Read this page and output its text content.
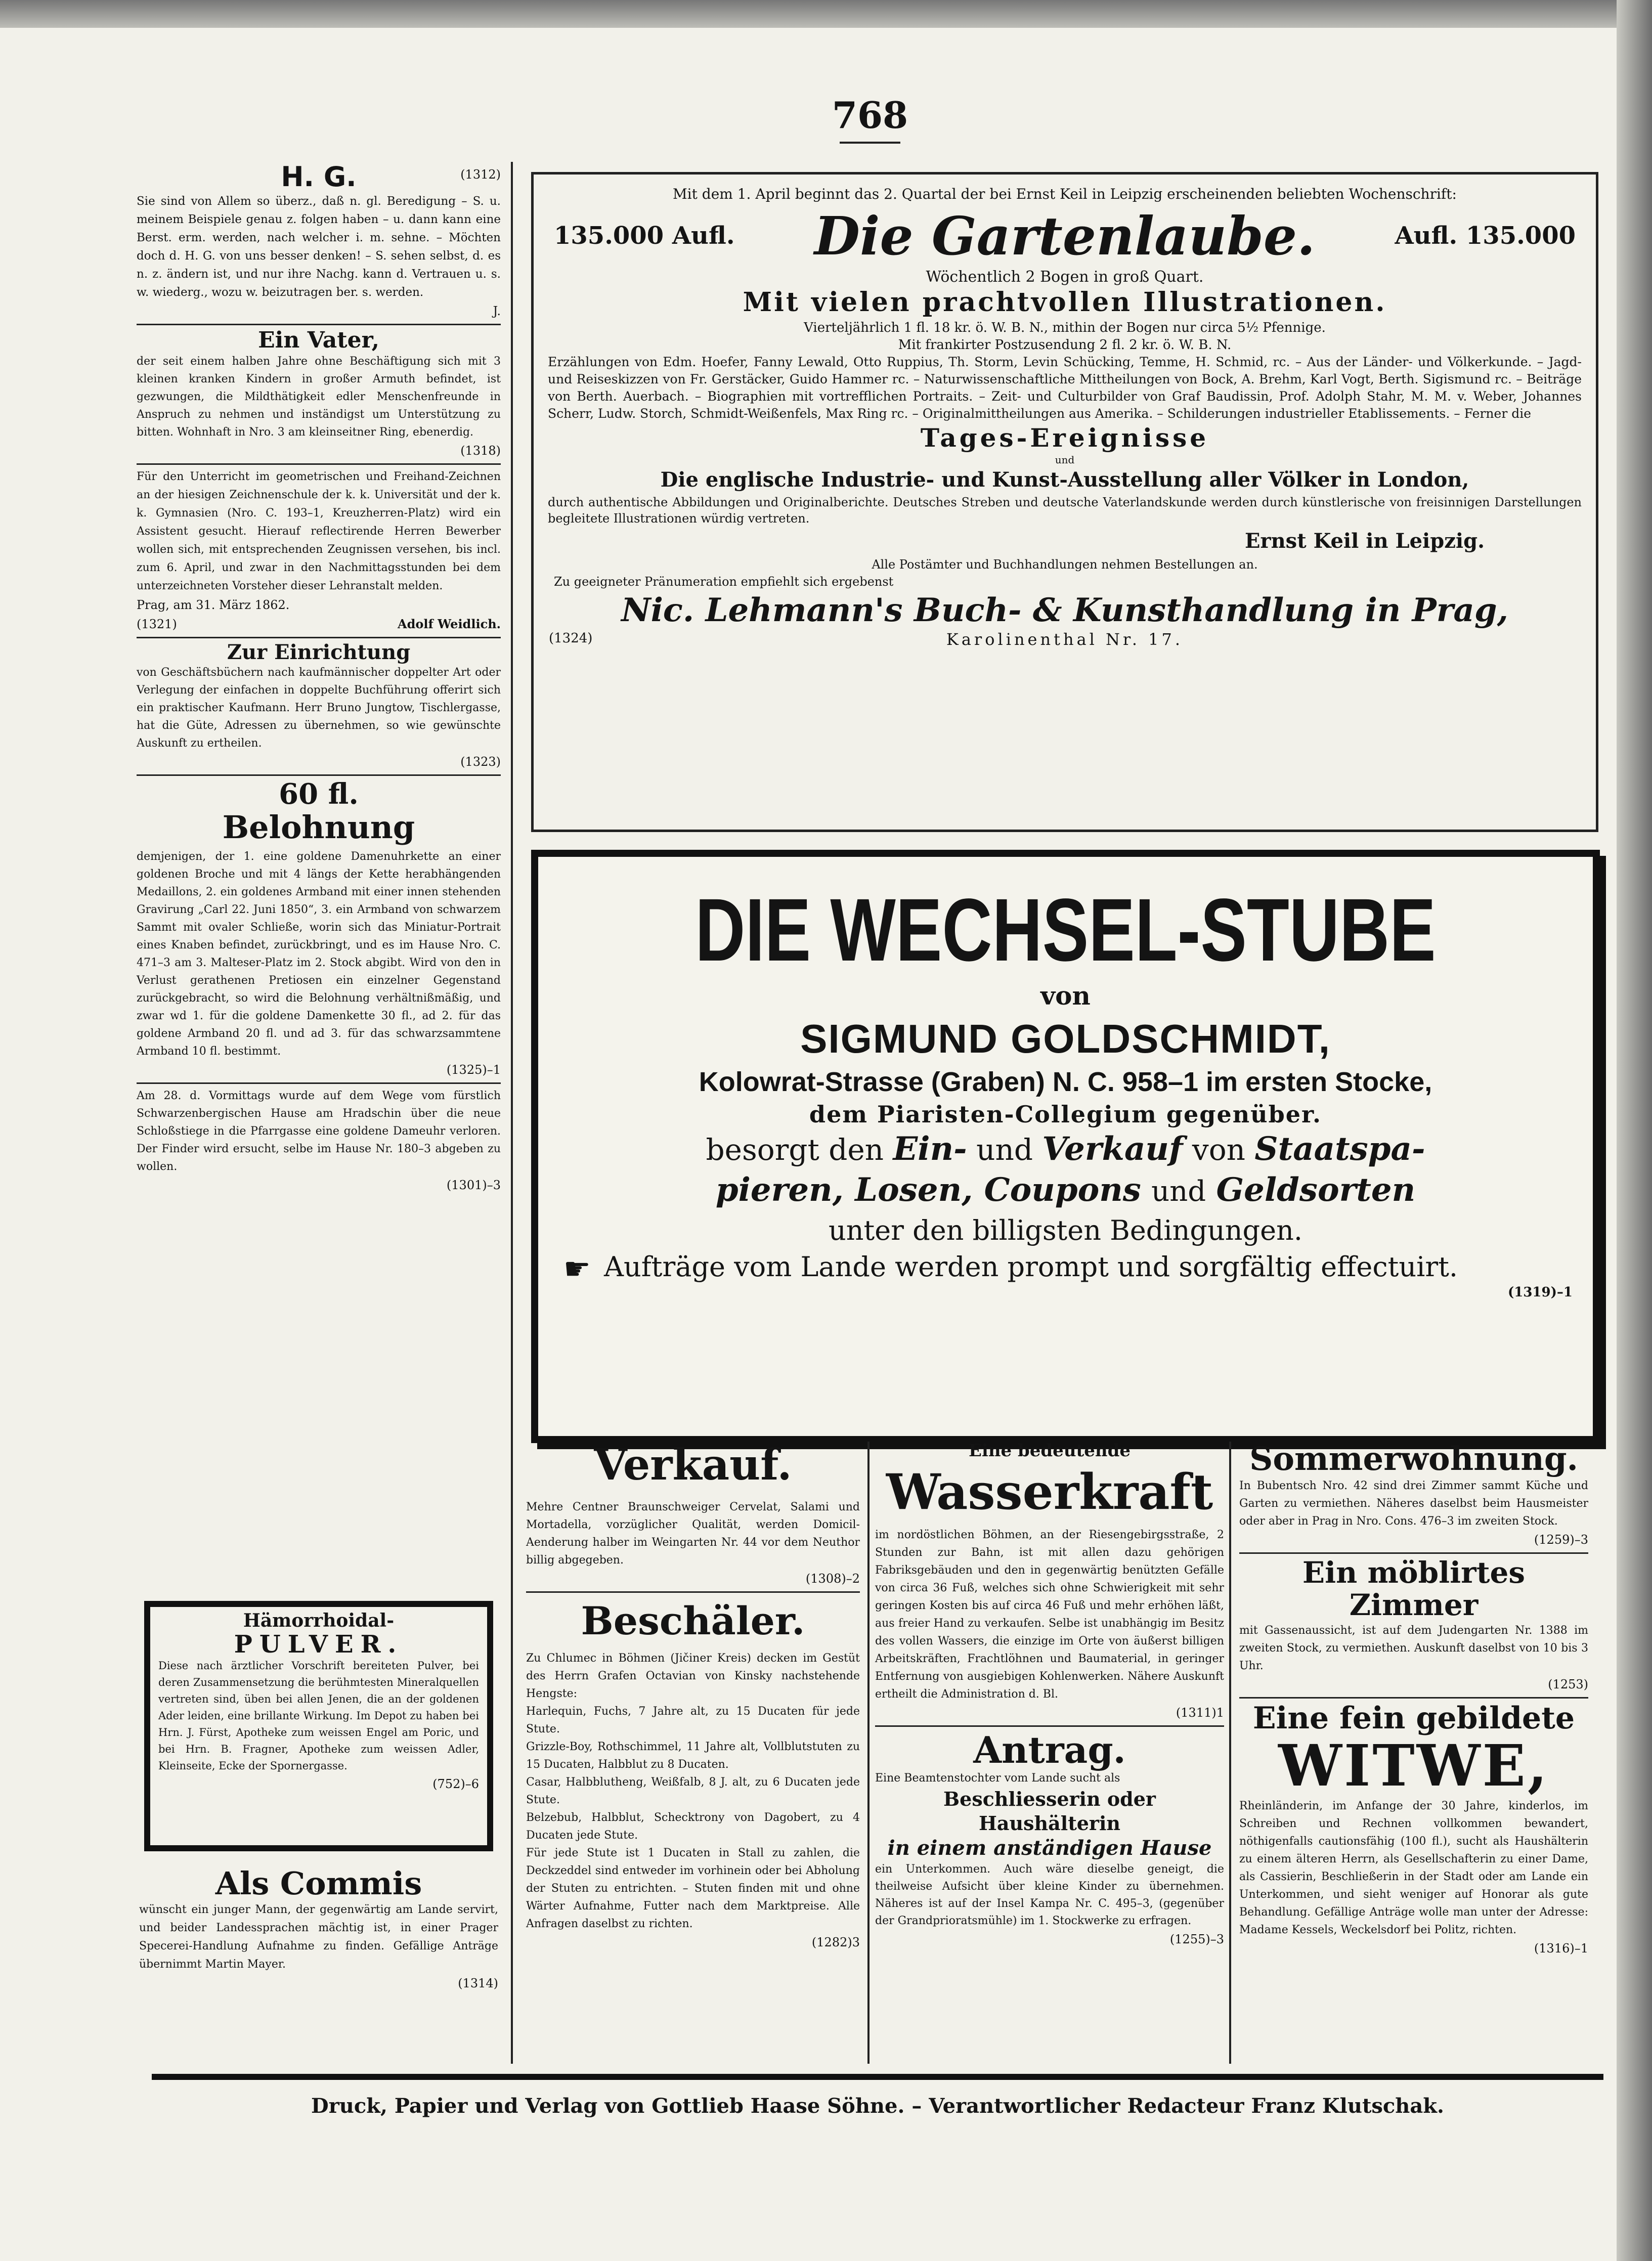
768
H. G.	(1312)
Sie sind von Allem so überz., daß n. gl. Beredigung – S. u. meinem Beispiele genau z. folgen haben – u. dann kann eine Berst. erm. werden, nach welcher i. m. sehne. – Möchten doch d. H. G. von uns besser denken! – S. sehen selbst, d. es n. z. ändern ist, und nur ihre Nachg. kann d. Vertrauen u. s. w. wiederg., wozu w. beizutragen ber. s. werden.
J.
Ein Vater,
der seit einem halben Jahre ohne Beschäftigung sich mit 3 kleinen kranken Kindern in großer Armuth befindet, ist gezwungen, die Mildthätigkeit edler Menschenfreunde in Anspruch zu nehmen und inständigst um Unterstützung zu bitten. Wohnhaft in Nro. 3 am kleinseitner Ring, ebenerdig.
(1318)
Für den Unterricht im geometrischen und Freihand-Zeichnen an der hiesigen Zeichnenschule der k. k. Universität und der k. k. Gymnasien (Nro. C. 193–1, Kreuzherren-Platz) wird ein Assistent gesucht. Hierauf reflectirende Herren Bewerber wollen sich, mit entsprechenden Zeugnissen versehen, bis incl. zum 6. April, und zwar in den Nachmittagsstunden bei dem unterzeichneten Vorsteher dieser Lehranstalt melden.
Prag, am 31. März 1862.
(1321)	Adolf Weidlich.
Zur Einrichtung
von Geschäftsbüchern nach kaufmännischer doppelter Art oder Verlegung der einfachen in doppelte Buchführung offerirt sich ein praktischer Kaufmann. Herr Bruno Jungtow, Tischlergasse, hat die Güte, Adressen zu übernehmen, so wie gewünschte Auskunft zu ertheilen.
(1323)
60 fl.
Belohnung
demjenigen, der 1. eine goldene Damenuhrkette an einer goldenen Broche und mit 4 längs der Kette herabhängenden Medaillons, 2. ein goldenes Armband mit einer innen stehenden Gravirung „Carl 22. Juni 1850“, 3. ein Armband von schwarzem Sammt mit ovaler Schließe, worin sich das Miniatur-Portrait eines Knaben befindet, zurückbringt, und es im Hause Nro. C. 471–3 am 3. Malteser-Platz im 2. Stock abgibt. Wird von den in Verlust gerathenen Pretiosen ein einzelner Gegenstand zurückgebracht, so wird die Belohnung verhältnißmäßig, und zwar wd 1. für die goldene Damenkette 30 fl., ad 2. für das goldene Armband 20 fl. und ad 3. für das schwarzsammtene Armband 10 fl. bestimmt.
(1325)–1
Am 28. d. Vormittags wurde auf dem Wege vom fürstlich Schwarzenbergischen Hause am Hradschin über die neue Schloßstiege in die Pfarrgasse eine goldene Dameuhr verloren. Der Finder wird ersucht, selbe im Hause Nr. 180–3 abgeben zu wollen.
(1301)–3
Hämorrhoidal-
PULVER.
Diese nach ärztlicher Vorschrift bereiteten Pulver, bei deren Zusammensetzung die berühmtesten Mineralquellen vertreten sind, üben bei allen Jenen, die an der goldenen Ader leiden, eine brillante Wirkung. Im Depot zu haben bei Hrn. J. Fürst, Apotheke zum weissen Engel am Poric, und bei Hrn. B. Fragner, Apotheke zum weissen Adler, Kleinseite, Ecke der Spornergasse.
(752)–6
Als Commis
wünscht ein junger Mann, der gegenwärtig am Lande servirt, und beider Landessprachen mächtig ist, in einer Prager Specerei-Handlung Aufnahme zu finden. Gefällige Anträge übernimmt Martin Mayer.
(1314)
Mit dem 1. April beginnt das 2. Quartal der bei Ernst Keil in Leipzig erscheinenden beliebten Wochenschrift:
135.000 Aufl. Die Gartenlaube.	Aufl. 135.000
Wöchentlich 2 Bogen in groß Quart.
Mit vielen prachtvollen Illustrationen.
Vierteljährlich 1 fl. 18 kr. ö. W. B. N., mithin der Bogen nur circa 5½ Pfennige.
Mit frankirter Postzusendung 2 fl. 2 kr. ö. W. B. N.
Erzählungen von Edm. Hoefer, Fanny Lewald, Otto Ruppius, Th. Storm, Levin Schücking, Temme, H. Schmid, rc. – Aus der Länder- und Völkerkunde. – Jagd- und Reiseskizzen von Fr. Gerstäcker, Guido Hammer rc. – Naturwissenschaftliche Mittheilungen von Bock, A. Brehm, Karl Vogt, Berth. Sigismund rc. – Beiträge von Berth. Auerbach. – Biographien mit vortrefflichen Portraits. – Zeit- und Culturbilder von Graf Baudissin, Prof. Adolph Stahr, M. M. v. Weber, Johannes Scherr, Ludw. Storch, Schmidt-Weißenfels, Max Ring rc. – Originalmittheilungen aus Amerika. – Schilderungen industrieller Etablissements. – Ferner die
Tages-Ereignisse
und
Die englische Industrie- und Kunst-Ausstellung aller Völker in London,
durch authentische Abbildungen und Originalberichte. Deutsches Streben und deutsche Vaterlandskunde werden durch künstlerische von freisinnigen Darstellungen begleitete Illustrationen würdig vertreten.
Ernst Keil in Leipzig.
Alle Postämter und Buchhandlungen nehmen Bestellungen an.
Zu geeigneter Pränumeration empfiehlt sich ergebenst
Nic. Lehmann's Buch- & Kunsthandlung in Prag,
(1324)	Karolinenthal Nr. 17.
DIE WECHSEL-STUBE
von
SIGMUND GOLDSCHMIDT,
Kolowrat-Strasse (Graben) N. C. 958–1 im ersten Stocke,
dem Piaristen-Collegium gegenüber.
besorgt den Ein- und Verkauf von Staatspa-
pieren, Losen, Coupons und Geldsorten
unter den billigsten Bedingungen.
☛ Aufträge vom Lande werden prompt und sorgfältig effectuirt.
(1319)–1
Verkauf.
Mehre Centner Braunschweiger Cervelat, Salami und Mortadella, vorzüglicher Qualität, werden Domicil-Aenderung halber im Weingarten Nr. 44 vor dem Neuthor billig abgegeben.
(1308)–2
Beschäler.
Zu Chlumec in Böhmen (Jičiner Kreis) decken im Gestüt des Herrn Grafen Octavian von Kinsky nachstehende Hengste:
Harlequin, Fuchs, 7 Jahre alt, zu 15 Ducaten für jede Stute.
Grizzle-Boy, Rothschimmel, 11 Jahre alt, Vollblutstuten zu 15 Ducaten, Halbblut zu 8 Ducaten.
Casar, Halbblutheng, Weißfalb, 8 J. alt, zu 6 Ducaten jede Stute.
Belzebub, Halbblut, Schecktrony von Dagobert, zu 4 Ducaten jede Stute.
Für jede Stute ist 1 Ducaten in Stall zu zahlen, die Deckzeddel sind entweder im vorhinein oder bei Abholung der Stuten zu entrichten. – Stuten finden mit und ohne Wärter Aufnahme, Futter nach dem Marktpreise. Alle Anfragen daselbst zu richten.
(1282)3
Eine bedeutende
Wasserkraft
im nordöstlichen Böhmen, an der Riesengebirgsstraße, 2 Stunden zur Bahn, ist mit allen dazu gehörigen Fabriksgebäuden und den in gegenwärtig benützten Gefälle von circa 36 Fuß, welches sich ohne Schwierigkeit mit sehr geringen Kosten bis auf circa 46 Fuß und mehr erhöhen läßt, aus freier Hand zu verkaufen. Selbe ist unabhängig im Besitz des vollen Wassers, die einzige im Orte von äußerst billigen Arbeitskräften, Frachtlöhnen und Baumaterial, in geringer Entfernung von ausgiebigen Kohlenwerken. Nähere Auskunft ertheilt die Administration d. Bl.
(1311)1
Antrag.
Eine Beamtenstochter vom Lande sucht als
Beschliesserin oder Haushälterin
in einem anständigen Hause
ein Unterkommen. Auch wäre dieselbe geneigt, die theilweise Aufsicht über kleine Kinder zu übernehmen. Näheres ist auf der Insel Kampa Nr. C. 495–3, (gegenüber der Grandprioratsmühle) im 1. Stockwerke zu erfragen.
(1255)–3
Sommerwohnung.
In Bubentsch Nro. 42 sind drei Zimmer sammt Küche und Garten zu vermiethen. Näheres daselbst beim Hausmeister oder aber in Prag in Nro. Cons. 476–3 im zweiten Stock.
(1259)–3
Ein möblirtes Zimmer
mit Gassenaussicht, ist auf dem Judengarten Nr. 1388 im zweiten Stock, zu vermiethen. Auskunft daselbst von 10 bis 3 Uhr.
(1253)
Eine fein gebildete
WITWE,
Rheinländerin, im Anfange der 30 Jahre, kinderlos, im Schreiben und Rechnen vollkommen bewandert, nöthigenfalls cautionsfähig (100 fl.), sucht als Haushälterin zu einem älteren Herrn, als Gesellschafterin zu einer Dame, als Cassierin, Beschließerin in der Stadt oder am Lande ein Unterkommen, und sieht weniger auf Honorar als gute Behandlung. Gefällige Anträge wolle man unter der Adresse: Madame Kessels, Weckelsdorf bei Politz, richten.
(1316)–1
Druck, Papier und Verlag von Gottlieb Haase Söhne. – Verantwortlicher Redacteur Franz Klutschak.
